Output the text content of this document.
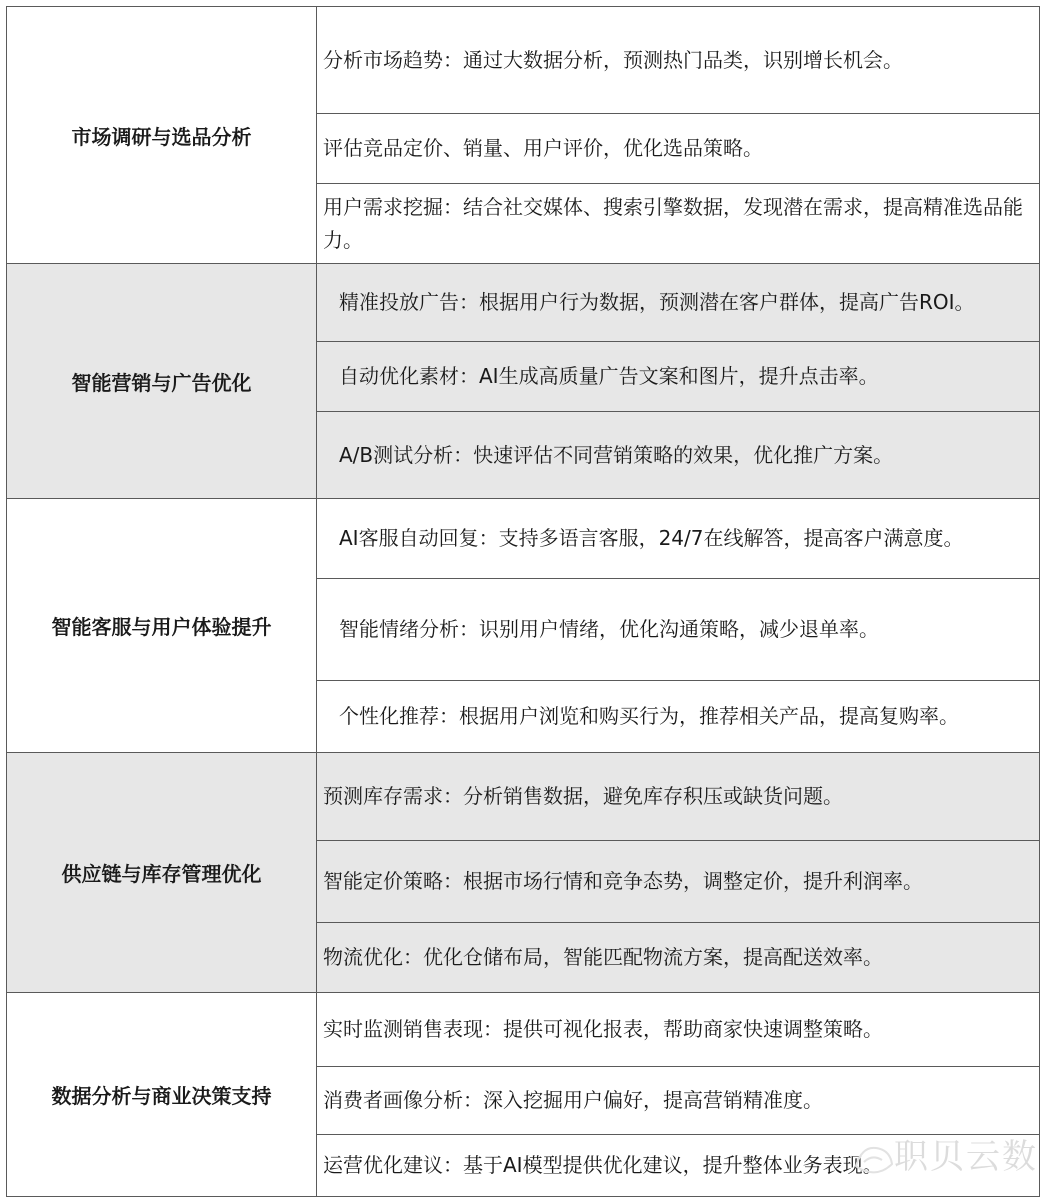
市场调研与选品分析	分析市场趋势：通过大数据分析，预测热门品类，识别增长机会。
	评估竞品定价、销量、用户评价，优化选品策略。
	用户需求挖掘：结合社交媒体、搜索引擎数据，发现潜在需求，提高精准选品能力。
智能营销与广告优化	精准投放广告：根据用户行为数据，预测潜在客户群体，提高广告ROI。
	自动优化素材：AI生成高质量广告文案和图片，提升点击率。
	A/B测试分析：快速评估不同营销策略的效果，优化推广方案。
智能客服与用户体验提升	AI客服自动回复：支持多语言客服，24/7在线解答，提高客户满意度。
	智能情绪分析：识别用户情绪，优化沟通策略，减少退单率。
	个性化推荐：根据用户浏览和购买行为，推荐相关产品，提高复购率。
供应链与库存管理优化	预测库存需求：分析销售数据，避免库存积压或缺货问题。
	智能定价策略：根据市场行情和竞争态势，调整定价，提升利润率。
	物流优化：优化仓储布局，智能匹配物流方案，提高配送效率。
数据分析与商业决策支持	实时监测销售表现：提供可视化报表，帮助商家快速调整策略。
	消费者画像分析：深入挖掘用户偏好，提高营销精准度。
	运营优化建议：基于AI模型提供优化建议，提升整体业务表现。 职贝云数
